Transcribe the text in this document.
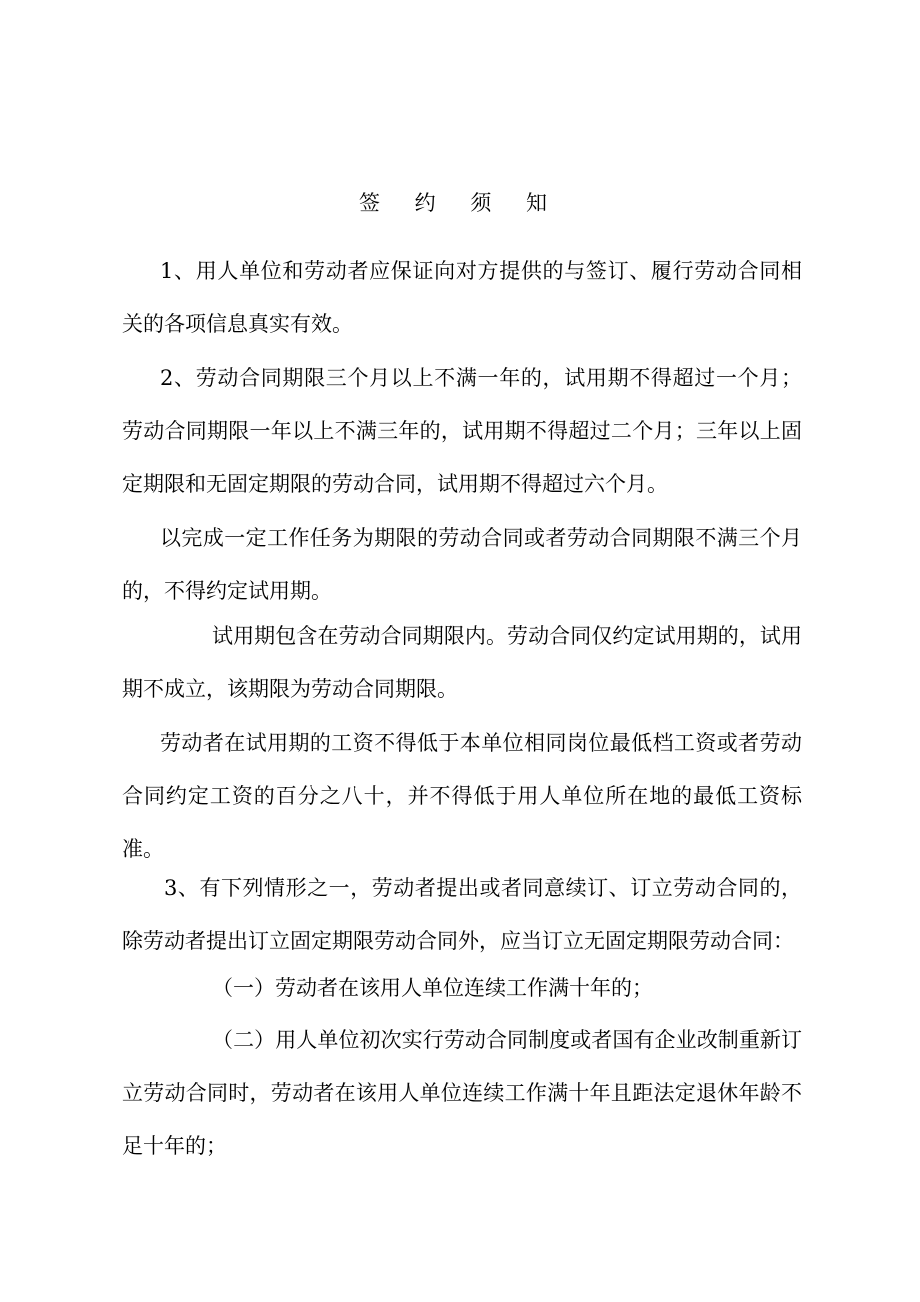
签 约 须 知

1、用人单位和劳动者应保证向对方提供的与签订、履行劳动合同相关的各项信息真实有效。

2、劳动合同期限三个月以上不满一年的，试用期不得超过一个月；劳动合同期限一年以上不满三年的，试用期不得超过二个月；三年以上固定期限和无固定期限的劳动合同，试用期不得超过六个月。

以完成一定工作任务为期限的劳动合同或者劳动合同期限不满三个月的，不得约定试用期。

试用期包含在劳动合同期限内。劳动合同仅约定试用期的，试用期不成立，该期限为劳动合同期限。

劳动者在试用期的工资不得低于本单位相同岗位最低档工资或者劳动合同约定工资的百分之八十，并不得低于用人单位所在地的最低工资标准。

3、有下列情形之一，劳动者提出或者同意续订、订立劳动合同的，除劳动者提出订立固定期限劳动合同外，应当订立无固定期限劳动合同：

（一）劳动者在该用人单位连续工作满十年的；

（二）用人单位初次实行劳动合同制度或者国有企业改制重新订立劳动合同时，劳动者在该用人单位连续工作满十年且距法定退休年龄不足十年的；
